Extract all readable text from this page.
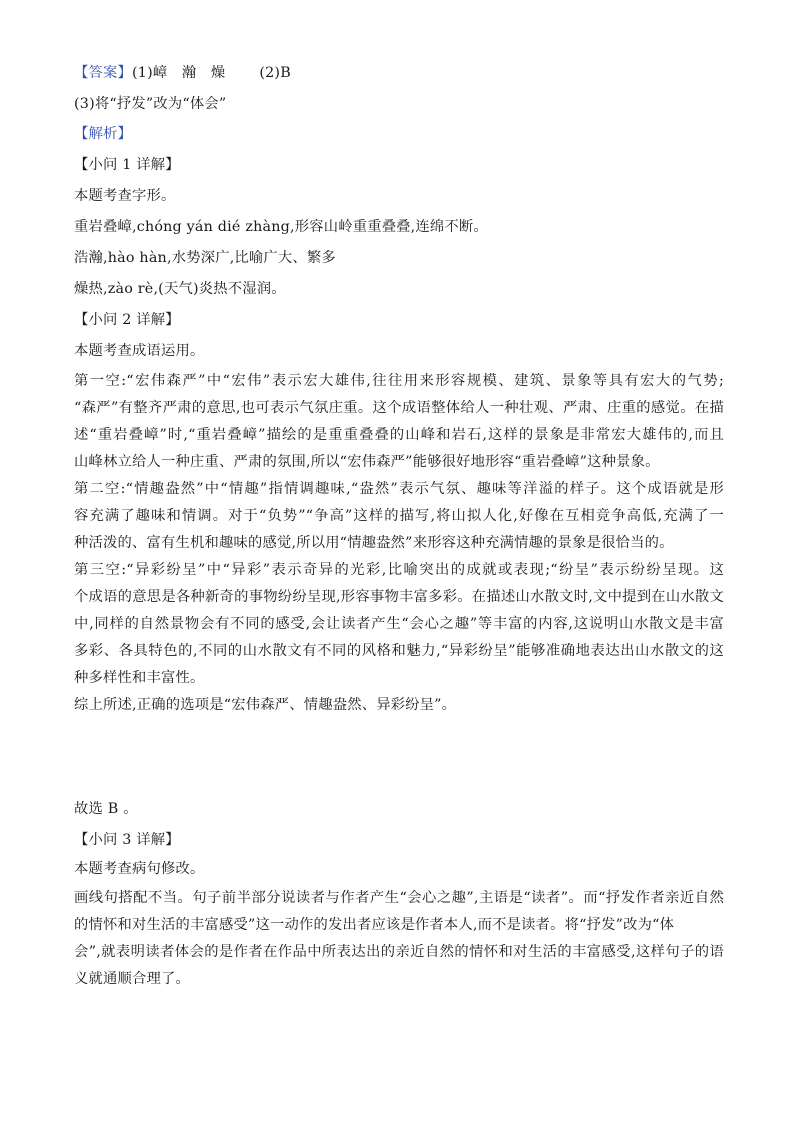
【答案】(1)嶂　瀚　燥 (2)B

(3)将“抒发”改为“体会”

【解析】

【小问 1 详解】

本题考查字形。

重岩叠嶂,chóng yán dié zhàng,形容山岭重重叠叠,连绵不断。

浩瀚,hào hàn,水势深广,比喻广大、繁多

燥热,zào rè,(天气)炎热不湿润。

【小问 2 详解】

本题考查成语运用。

第一空:“宏伟森严”中“宏伟”表示宏大雄伟,往往用来形容规模、建筑、景象等具有宏大的气势;

“森严”有整齐严肃的意思,也可表示气氛庄重。这个成语整体给人一种壮观、严肃、庄重的感觉。在描

述“重岩叠嶂”时,“重岩叠嶂”描绘的是重重叠叠的山峰和岩石,这样的景象是非常宏大雄伟的,而且

山峰林立给人一种庄重、严肃的氛围,所以“宏伟森严”能够很好地形容“重岩叠嶂”这种景象。

第二空:“情趣盎然”中“情趣”指情调趣味,“盎然”表示气氛、趣味等洋溢的样子。这个成语就是形

容充满了趣味和情调。对于“负势”“争高”这样的描写,将山拟人化,好像在互相竞争高低,充满了一

种活泼的、富有生机和趣味的感觉,所以用“情趣盎然”来形容这种充满情趣的景象是很恰当的。

第三空:“异彩纷呈”中“异彩”表示奇异的光彩,比喻突出的成就或表现;“纷呈”表示纷纷呈现。这

个成语的意思是各种新奇的事物纷纷呈现,形容事物丰富多彩。在描述山水散文时,文中提到在山水散文

中,同样的自然景物会有不同的感受,会让读者产生“会心之趣”等丰富的内容,这说明山水散文是丰富

多彩、各具特色的,不同的山水散文有不同的风格和魅力,“异彩纷呈”能够准确地表达出山水散文的这

种多样性和丰富性。

综上所述,正确的选项是“宏伟森严、情趣盎然、异彩纷呈”。

故选 B 。

【小问 3 详解】

本题考查病句修改。

画线句搭配不当。句子前半部分说读者与作者产生“会心之趣”,主语是“读者”。而“抒发作者亲近自然

的情怀和对生活的丰富感受”这一动作的发出者应该是作者本人,而不是读者。将“抒发”改为“体

会”,就表明读者体会的是作者在作品中所表达出的亲近自然的情怀和对生活的丰富感受,这样句子的语

义就通顺合理了。
